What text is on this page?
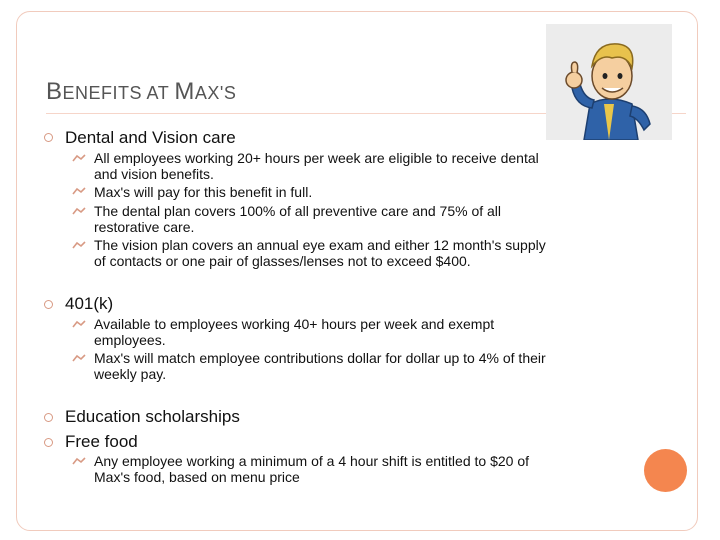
BENEFITS AT MAX'S
Dental and Vision care
All employees working 20+ hours per week are eligible to receive dental
and vision benefits.
Max's will pay for this benefit in full.
The dental plan covers 100% of all preventive care and 75% of all
restorative care.
The vision plan covers an annual eye exam and either 12 month's supply
of contacts or one pair of glasses/lenses not to exceed $400.
401(k)
Available to employees working 40+ hours per week and exempt
employees.
Max's will match employee contributions dollar for dollar up to 4% of their
weekly pay.
Education scholarships
Free food
Any employee working a minimum of a 4 hour shift is entitled to $20 of
Max's food, based on menu price
